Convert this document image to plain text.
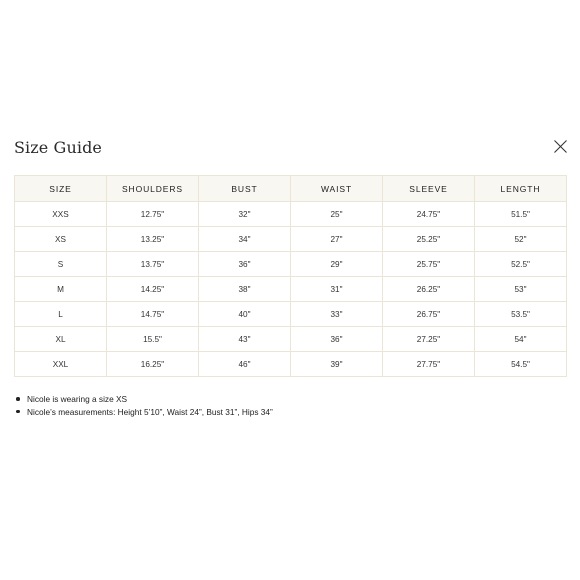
Size Guide
SIZE	SHOULDERS	BUST	WAIST	SLEEVE	LENGTH
XXS	12.75"	32"	25"	24.75"	51.5"
XS	13.25"	34"	27"	25.25"	52"
S	13.75"	36"	29"	25.75"	52.5"
M	14.25"	38"	31"	26.25"	53"
L	14.75"	40"	33"	26.75"	53.5"
XL	15.5"	43"	36"	27.25"	54"
XXL	16.25"	46"	39"	27.75"	54.5"
Nicole is wearing a size XS
Nicole’s measurements: Height 5’10”, Waist 24”, Bust 31”, Hips 34”
